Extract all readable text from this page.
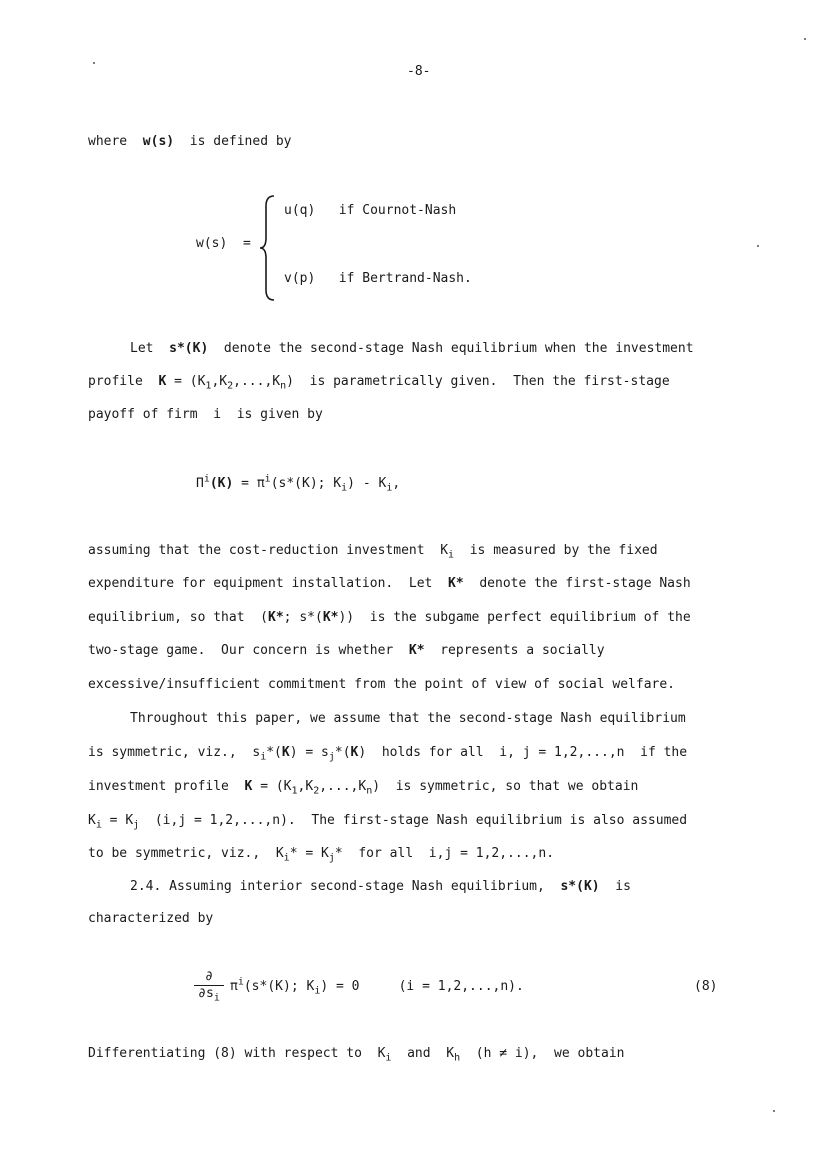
-8-
where  w(s)  is defined by
w(s)  =
u(q)   if Cournot-Nash
v(p)   if Bertrand-Nash.
Let  s*(K)  denote the second-stage Nash equilibrium when the investment
profile  $K = (K_1,K_2,...,K_n)$  is parametrically given.  Then the first-stage
payoff of firm  i  is given by
$\Pi^i(K) = \pi^i(s*(K)$; $K_i) - K_i$,
assuming that the cost-reduction investment  $K_i$  is measured by the fixed
expenditure for equipment installation.  Let  K*  denote the first-stage Nash
equilibrium, so that  (K*; s*(K*))  is the subgame perfect equilibrium of the
two-stage game.  Our concern is whether  K*  represents a socially
excessive/insufficient commitment from the point of view of social welfare.
Throughout this paper, we assume that the second-stage Nash equilibrium
is symmetric, viz.,  $s_i*(K) = s_j*(K)$  holds for all  i, j = 1,2,...,n  if the
investment profile  $K = (K_1,K_2,...,K_n)$  is symmetric, so that we obtain
$K_i = K_j$  (i,j = 1,2,...,n).  The first-stage Nash equilibrium is also assumed
to be symmetric, viz.,  $K_i* = K_j*$  for all  i,j = 1,2,...,n.
2.4. Assuming interior second-stage Nash equilibrium,  s*(K)  is
characterized by
∂
$\partial s_i$
$\pi^i(s*(K)$; $K_i) = 0$     (i = 1,2,...,n).	(8)
Differentiating (8) with respect to  $K_i$  and  $K_h$  (h ≠ i),  we obtain
